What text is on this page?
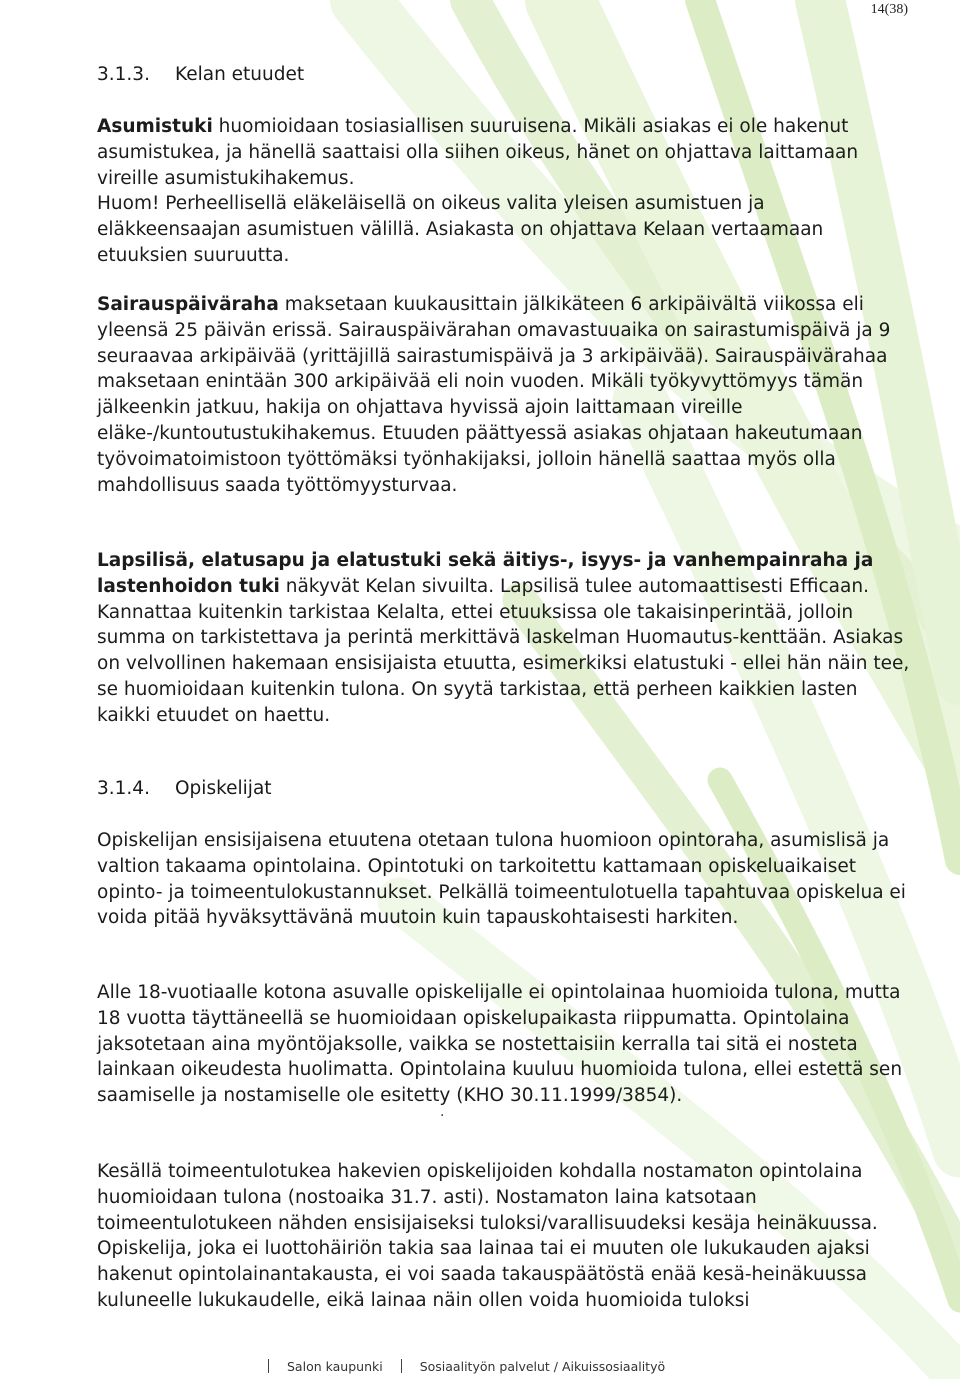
14(38)
3.1.3. Kelan etuudet

Asumistuki huomioidaan tosiasiallisen suuruisena. Mikäli asiakas ei ole hakenut asumistukea, ja hänellä saattaisi olla siihen oikeus, hänet on ohjattava laittamaan vireille asumistukihakemus.

Huom! Perheellisellä eläkeläisellä on oikeus valita yleisen asumistuen ja eläkkeensaajan asumistuen välillä. Asiakasta on ohjattava Kelaan vertaamaan etuuksien suuruutta.

Sairauspäiväraha maksetaan kuukausittain jälkikäteen 6 arkipäivältä viikossa eli yleensä 25 päivän erissä. Sairauspäivärahan omavastuuaika on sairastumispäivä ja 9 seuraavaa arkipäivää (yrittäjillä sairastumispäivä ja 3 arkipäivää). Sairauspäivärahaa maksetaan enintään 300 arkipäivää eli noin vuoden. Mikäli työkyvyttömyys tämän jälkeenkin jatkuu, hakija on ohjattava hyvissä ajoin laittamaan vireille eläke-/kuntoutustukihakemus. Etuuden päättyessä asiakas ohjataan hakeutumaan työvoimatoimistoon työttömäksi työnhakijaksi, jolloin hänellä saattaa myös olla mahdollisuus saada työttömyysturvaa.

Lapsilisä, elatusapu ja elatustuki sekä äitiys-, isyys- ja vanhempainraha ja lastenhoidon tuki näkyvät Kelan sivuilta. Lapsilisä tulee automaattisesti Efficaan. Kannattaa kuitenkin tarkistaa Kelalta, ettei etuuksissa ole takaisinperintää, jolloin summa on tarkistettava ja perintä merkittävä laskelman Huomautus-kenttään. Asiakas on velvollinen hakemaan ensisijaista etuutta, esimerkiksi elatustuki - ellei hän näin tee, se huomioidaan kuitenkin tulona. On syytä tarkistaa, että perheen kaikkien lasten kaikki etuudet on haettu.

3.1.4. Opiskelijat

Opiskelijan ensisijaisena etuutena otetaan tulona huomioon opintoraha, asumislisä ja valtion takaama opintolaina. Opintotuki on tarkoitettu kattamaan opiskeluaikaiset opinto- ja toimeentulokustannukset. Pelkällä toimeentulotuella tapahtuvaa opiskelua ei voida pitää hyväksyttävänä muutoin kuin tapauskohtaisesti harkiten.

Alle 18-vuotiaalle kotona asuvalle opiskelijalle ei opintolainaa huomioida tulona, mutta 18 vuotta täyttäneellä se huomioidaan opiskelupaikasta riippumatta. Opintolaina jaksotetaan aina myöntöjaksolle, vaikka se nostettaisiin kerralla tai sitä ei nosteta lainkaan oikeudesta huolimatta. Opintolaina kuuluu huomioida tulona, ellei estettä sen saamiselle ja nostamiselle ole esitetty (KHO 30.11.1999/3854).

Kesällä toimeentulotukea hakevien opiskelijoiden kohdalla nostamaton opintolaina huomioidaan tulona (nostoaika 31.7. asti). Nostamaton laina katsotaan toimeentulotukeen nähden ensisijaiseksi tuloksi/varallisuudeksi kesäja heinäkuussa. Opiskelija, joka ei luottohäiriön takia saa lainaa tai ei muuten ole lukukauden ajaksi hakenut opintolainantakausta, ei voi saada takauspäätöstä enää kesä-heinäkuussa kuluneelle lukukaudelle, eikä lainaa näin ollen voida huomioida tuloksi

·
Salon kaupunki	Sosiaalityön palvelut / Aikuissosiaalityö
